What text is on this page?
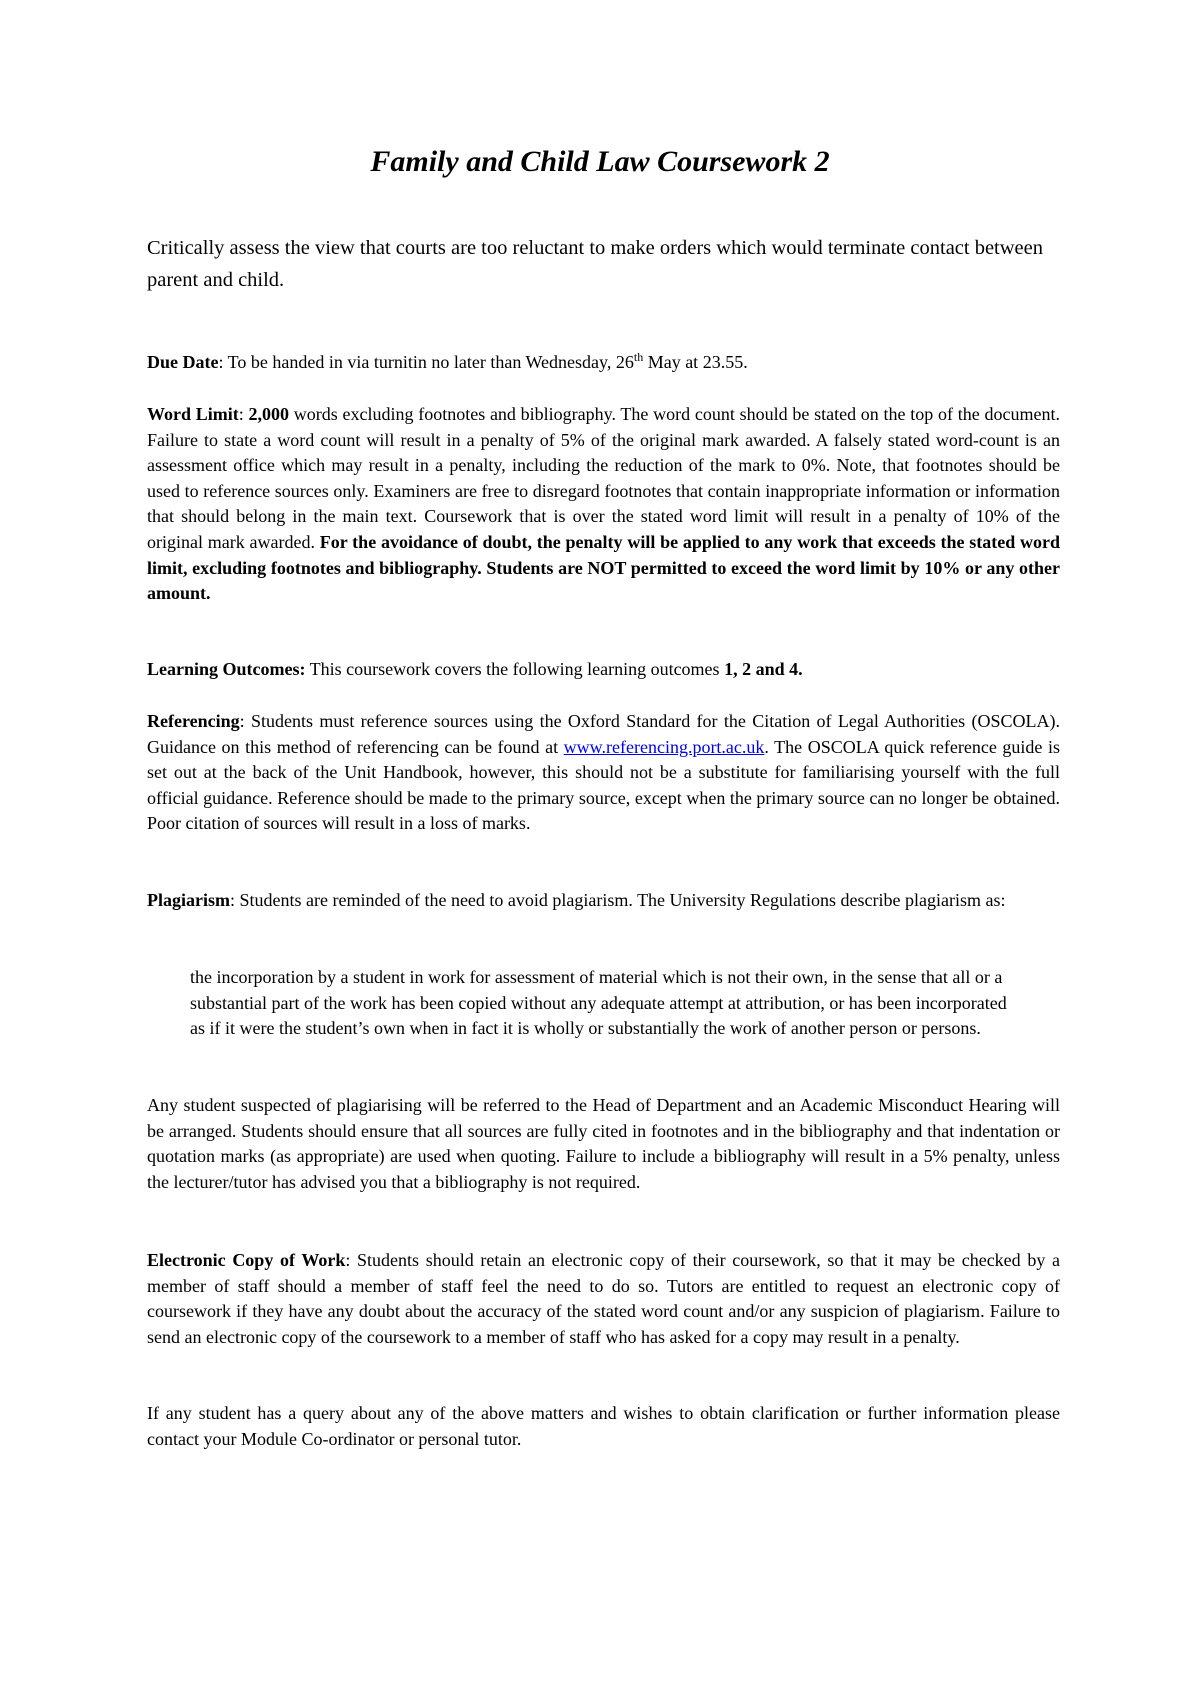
Family and Child Law Coursework 2

Critically assess the view that courts are too reluctant to make orders which would terminate contact between parent and child.

Due Date: To be handed in via turnitin no later than Wednesday, 26th May at 23.55.

Word Limit: 2,000 words excluding footnotes and bibliography. The word count should be stated on the top of the document. Failure to state a word count will result in a penalty of 5% of the original mark awarded. A falsely stated word-count is an assessment office which may result in a penalty, including the reduction of the mark to 0%. Note, that footnotes should be used to reference sources only. Examiners are free to disregard footnotes that contain inappropriate information or information that should belong in the main text. Coursework that is over the stated word limit will result in a penalty of 10% of the original mark awarded. For the avoidance of doubt, the penalty will be applied to any work that exceeds the stated word limit, excluding footnotes and bibliography. Students are NOT permitted to exceed the word limit by 10% or any other amount.

Learning Outcomes: This coursework covers the following learning outcomes 1, 2 and 4.

Referencing: Students must reference sources using the Oxford Standard for the Citation of Legal Authorities (OSCOLA). Guidance on this method of referencing can be found at www.referencing.port.ac.uk. The OSCOLA quick reference guide is set out at the back of the Unit Handbook, however, this should not be a substitute for familiarising yourself with the full official guidance. Reference should be made to the primary source, except when the primary source can no longer be obtained. Poor citation of sources will result in a loss of marks.

Plagiarism: Students are reminded of the need to avoid plagiarism. The University Regulations describe plagiarism as:

the incorporation by a student in work for assessment of material which is not their own, in the sense that all or a substantial part of the work has been copied without any adequate attempt at attribution, or has been incorporated as if it were the student’s own when in fact it is wholly or substantially the work of another person or persons.

Any student suspected of plagiarising will be referred to the Head of Department and an Academic Misconduct Hearing will be arranged. Students should ensure that all sources are fully cited in footnotes and in the bibliography and that indentation or quotation marks (as appropriate) are used when quoting. Failure to include a bibliography will result in a 5% penalty, unless the lecturer/tutor has advised you that a bibliography is not required.

Electronic Copy of Work: Students should retain an electronic copy of their coursework, so that it may be checked by a member of staff should a member of staff feel the need to do so. Tutors are entitled to request an electronic copy of coursework if they have any doubt about the accuracy of the stated word count and/or any suspicion of plagiarism. Failure to send an electronic copy of the coursework to a member of staff who has asked for a copy may result in a penalty.

If any student has a query about any of the above matters and wishes to obtain clarification or further information please contact your Module Co-ordinator or personal tutor.
